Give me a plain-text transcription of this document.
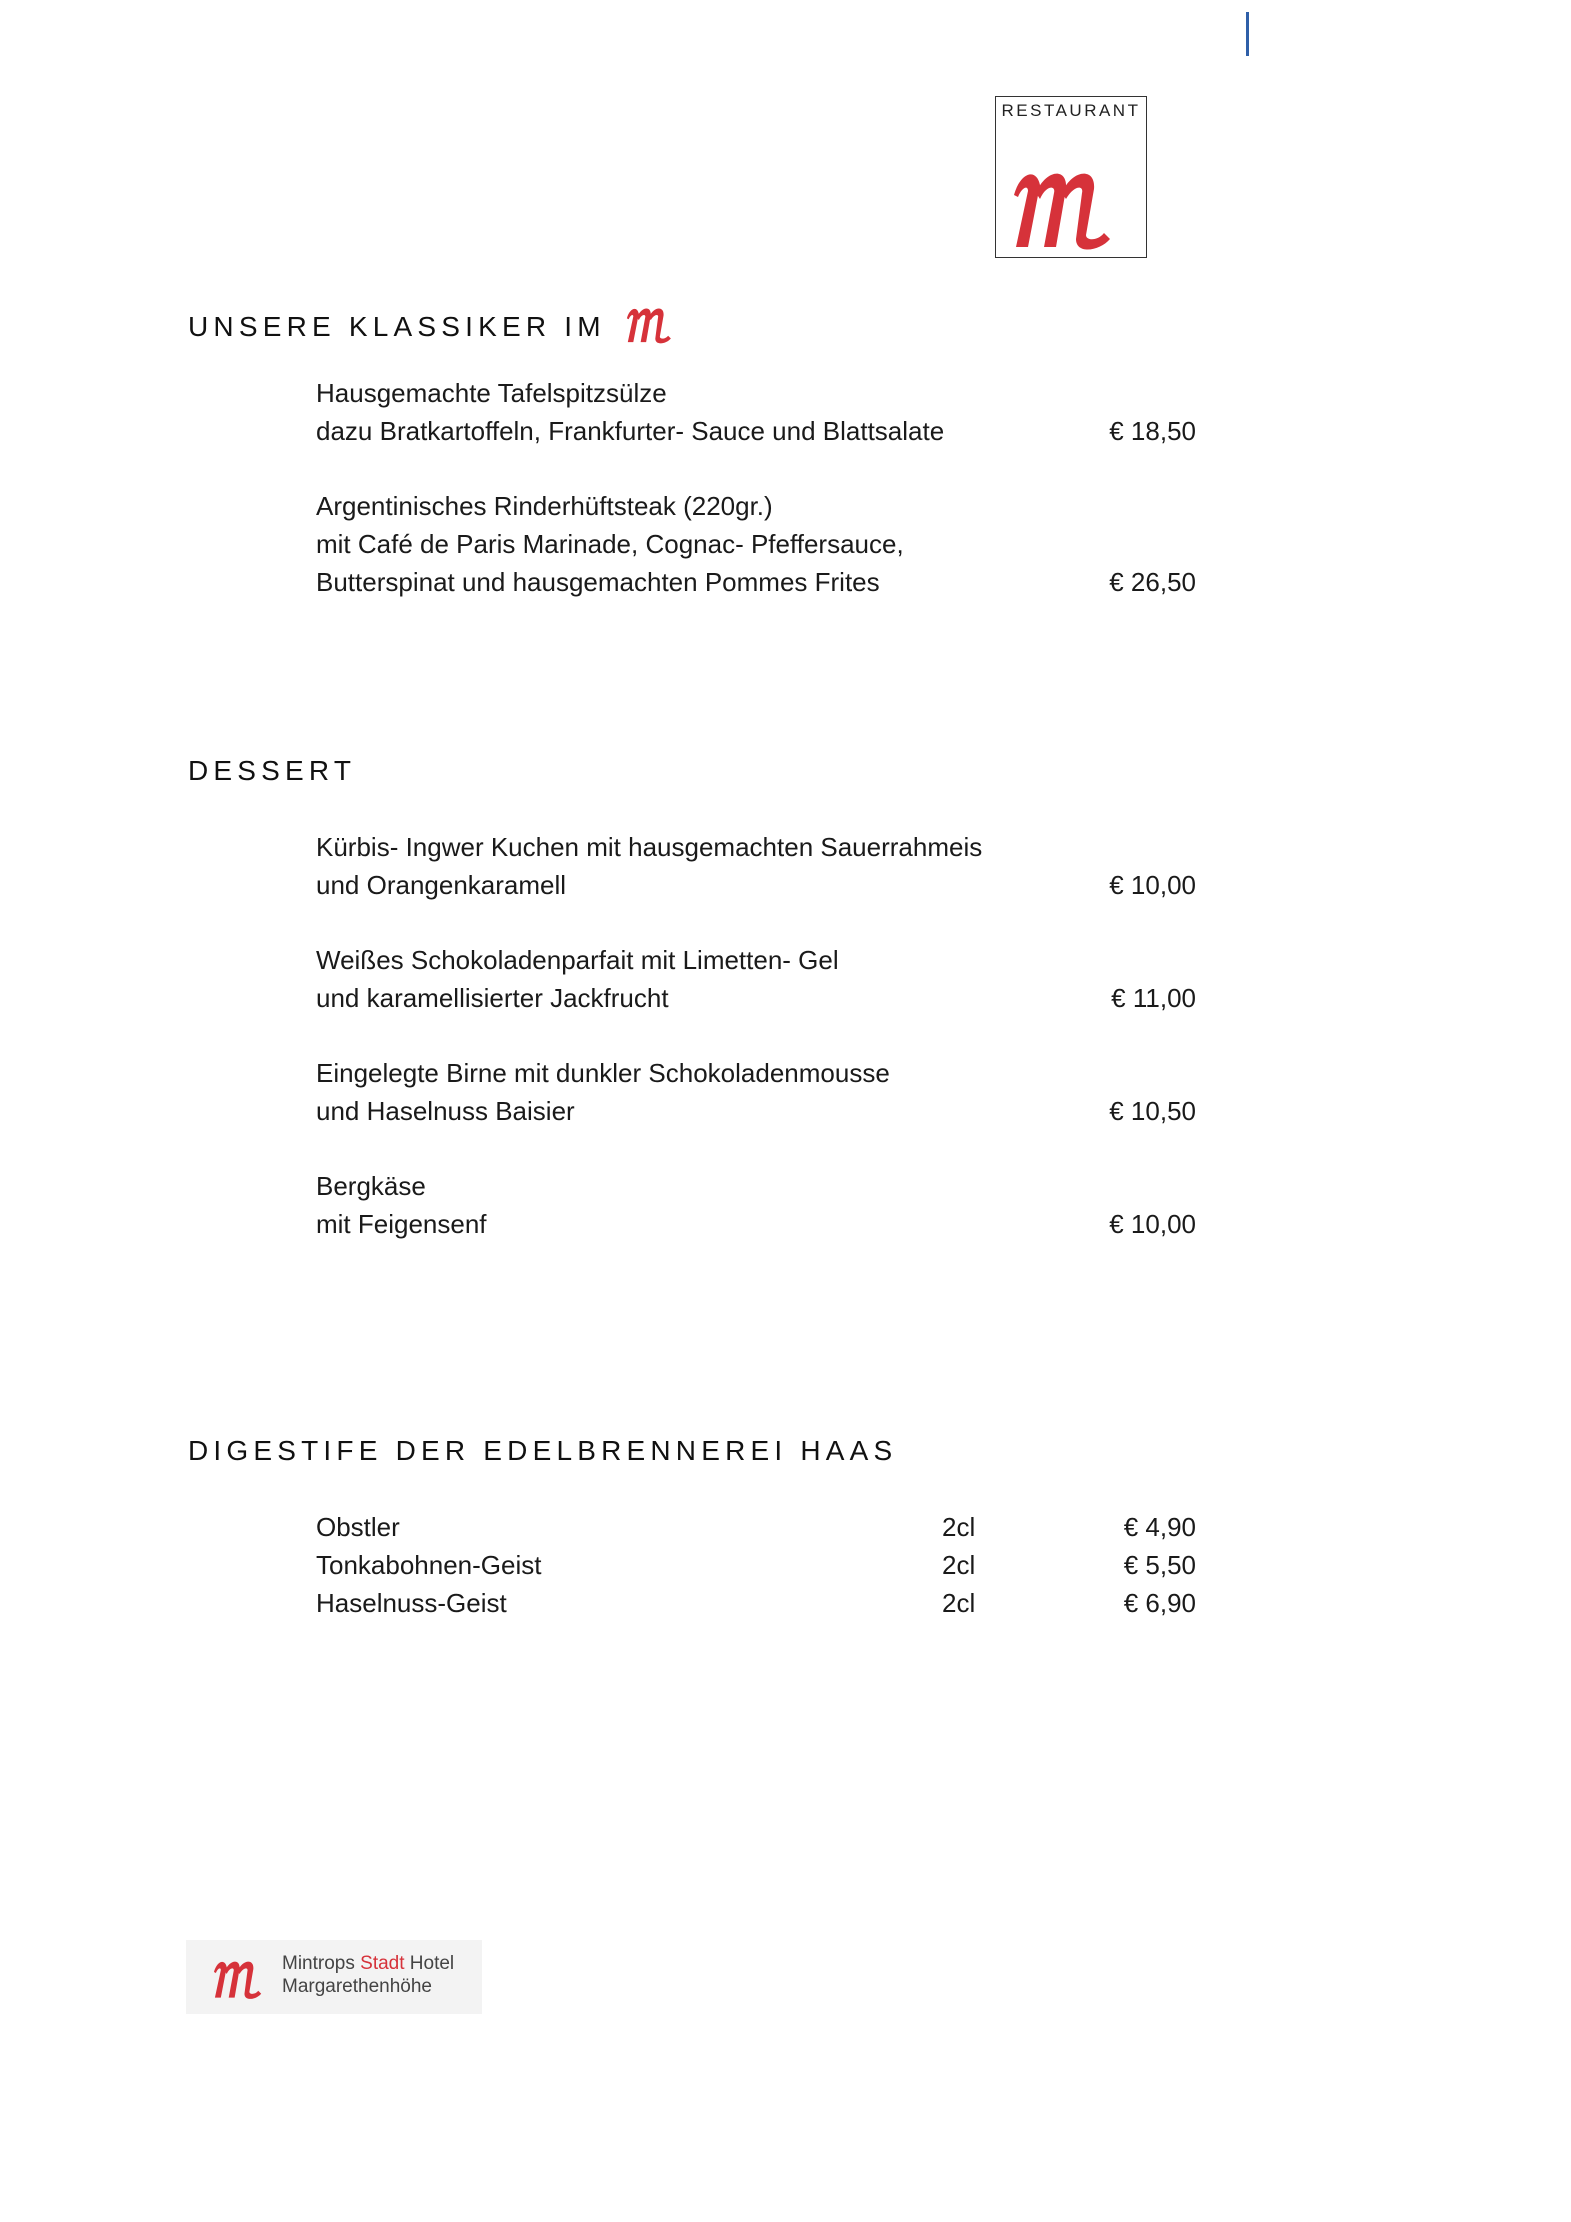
RESTAURANT
UNSERE KLASSIKER IM
Hausgemachte Tafelspitzsülze
dazu Bratkartoffeln, Frankfurter- Sauce und Blattsalate	€ 18,50
Argentinisches Rinderhüftsteak (220gr.)
mit Café de Paris Marinade, Cognac- Pfeffersauce,
Butterspinat und hausgemachten Pommes Frites	€ 26,50
DESSERT
Kürbis- Ingwer Kuchen mit hausgemachten Sauerrahmeis
und Orangenkaramell	€ 10,00
Weißes Schokoladenparfait mit Limetten- Gel
und karamellisierter Jackfrucht	€ 11,00
Eingelegte Birne mit dunkler Schokoladenmousse
und Haselnuss Baisier	€ 10,50
Bergkäse
mit Feigensenf	€ 10,00
DIGESTIFE DER EDELBRENNEREI HAAS
Obstler	2cl	€ 4,90
Tonkabohnen-Geist	2cl	€ 5,50
Haselnuss-Geist	2cl	€ 6,90
Mintrops Stadt Hotel
Margarethenhöhe
